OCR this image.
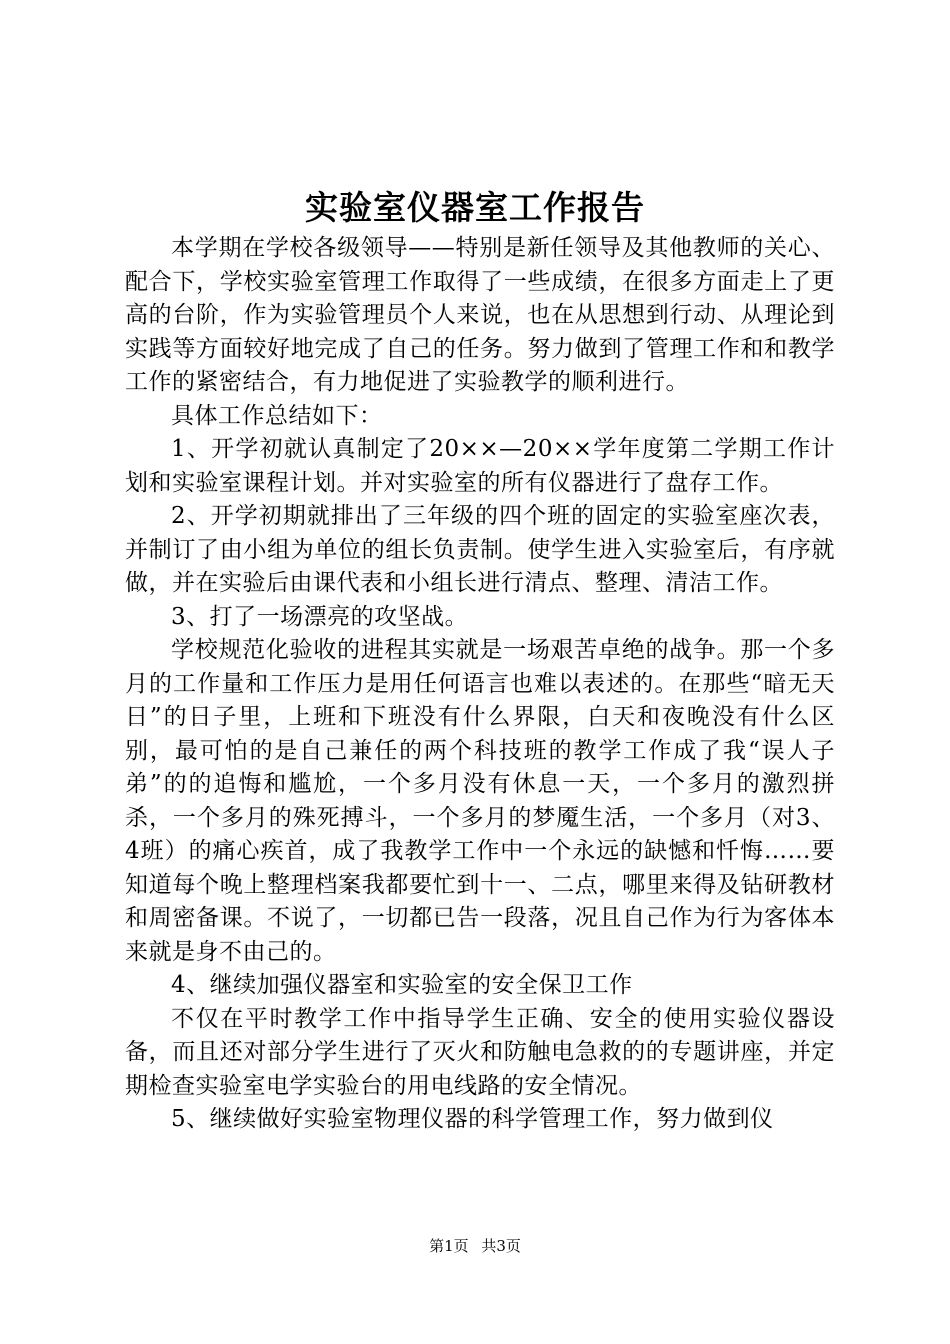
实验室仪器室工作报告

本学期在学校各级领导——特别是新任领导及其他教师的关心、配合下，学校实验室管理工作取得了一些成绩，在很多方面走上了更高的台阶，作为实验管理员个人来说，也在从思想到行动、从理论到实践等方面较好地完成了自己的任务。努力做到了管理工作和和教学工作的紧密结合，有力地促进了实验教学的顺利进行。

具体工作总结如下：

1、开学初就认真制定了20××—20××学年度第二学期工作计划和实验室课程计划。并对实验室的所有仪器进行了盘存工作。

2、开学初期就排出了三年级的四个班的固定的实验室座次表，并制订了由小组为单位的组长负责制。使学生进入实验室后，有序就做，并在实验后由课代表和小组长进行清点、整理、清洁工作。

3、打了一场漂亮的攻坚战。

学校规范化验收的进程其实就是一场艰苦卓绝的战争。那一个多月的工作量和工作压力是用任何语言也难以表述的。在那些“暗无天日”的日子里，上班和下班没有什么界限，白天和夜晚没有什么区别，最可怕的是自己兼任的两个科技班的教学工作成了我“误人子弟”的的追悔和尴尬，一个多月没有休息一天，一个多月的激烈拼杀，一个多月的殊死搏斗，一个多月的梦魇生活，一个多月（对3、4班）的痛心疾首，成了我教学工作中一个永远的缺憾和忏悔……要知道每个晚上整理档案我都要忙到十一、二点，哪里来得及钻研教材和周密备课。不说了，一切都已告一段落，况且自己作为行为客体本来就是身不由己的。

4、继续加强仪器室和实验室的安全保卫工作

不仅在平时教学工作中指导学生正确、安全的使用实验仪器设备，而且还对部分学生进行了灭火和防触电急救的的专题讲座，并定期检查实验室电学实验台的用电线路的安全情况。

5、继续做好实验室物理仪器的科学管理工作，努力做到仪

第1页 共3页
